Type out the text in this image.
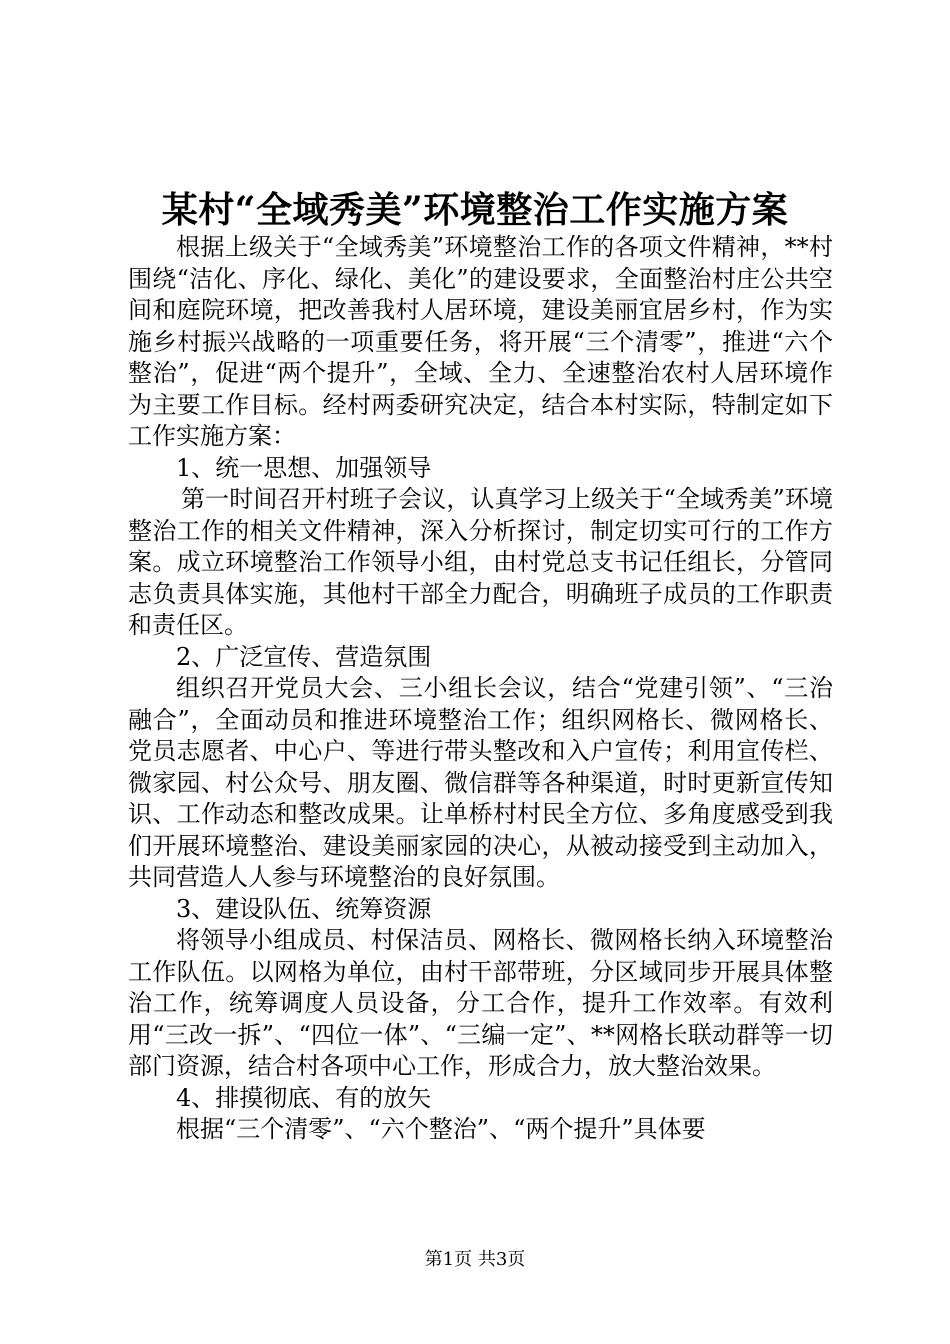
某村“全域秀美”环境整治工作实施方案

根据上级关于“全域秀美”环境整治工作的各项文件精神，**村围绕“洁化、序化、绿化、美化”的建设要求，全面整治村庄公共空间和庭院环境，把改善我村人居环境，建设美丽宜居乡村，作为实施乡村振兴战略的一项重要任务，将开展“三个清零”，推进“六个整治”，促进“两个提升”，全域、全力、全速整治农村人居环境作为主要工作目标。经村两委研究决定，结合本村实际，特制定如下工作实施方案：

1、统一思想、加强领导

第一时间召开村班子会议，认真学习上级关于“全域秀美”环境整治工作的相关文件精神，深入分析探讨，制定切实可行的工作方案。成立环境整治工作领导小组，由村党总支书记任组长，分管同志负责具体实施，其他村干部全力配合，明确班子成员的工作职责和责任区。

2、广泛宣传、营造氛围

组织召开党员大会、三小组长会议，结合“党建引领”、“三治融合”，全面动员和推进环境整治工作；组织网格长、微网格长、党员志愿者、中心户、等进行带头整改和入户宣传；利用宣传栏、微家园、村公众号、朋友圈、微信群等各种渠道，时时更新宣传知识、工作动态和整改成果。让单桥村村民全方位、多角度感受到我们开展环境整治、建设美丽家园的决心，从被动接受到主动加入，共同营造人人参与环境整治的良好氛围。

3、建设队伍、统筹资源

将领导小组成员、村保洁员、网格长、微网格长纳入环境整治工作队伍。以网格为单位，由村干部带班，分区域同步开展具体整治工作，统筹调度人员设备，分工合作，提升工作效率。有效利用“三改一拆”、“四位一体”、“三编一定”、**网格长联动群等一切部门资源，结合村各项中心工作，形成合力，放大整治效果。

4、排摸彻底、有的放矢

根据“三个清零”、“六个整治”、“两个提升”具体要

第1页 共3页
